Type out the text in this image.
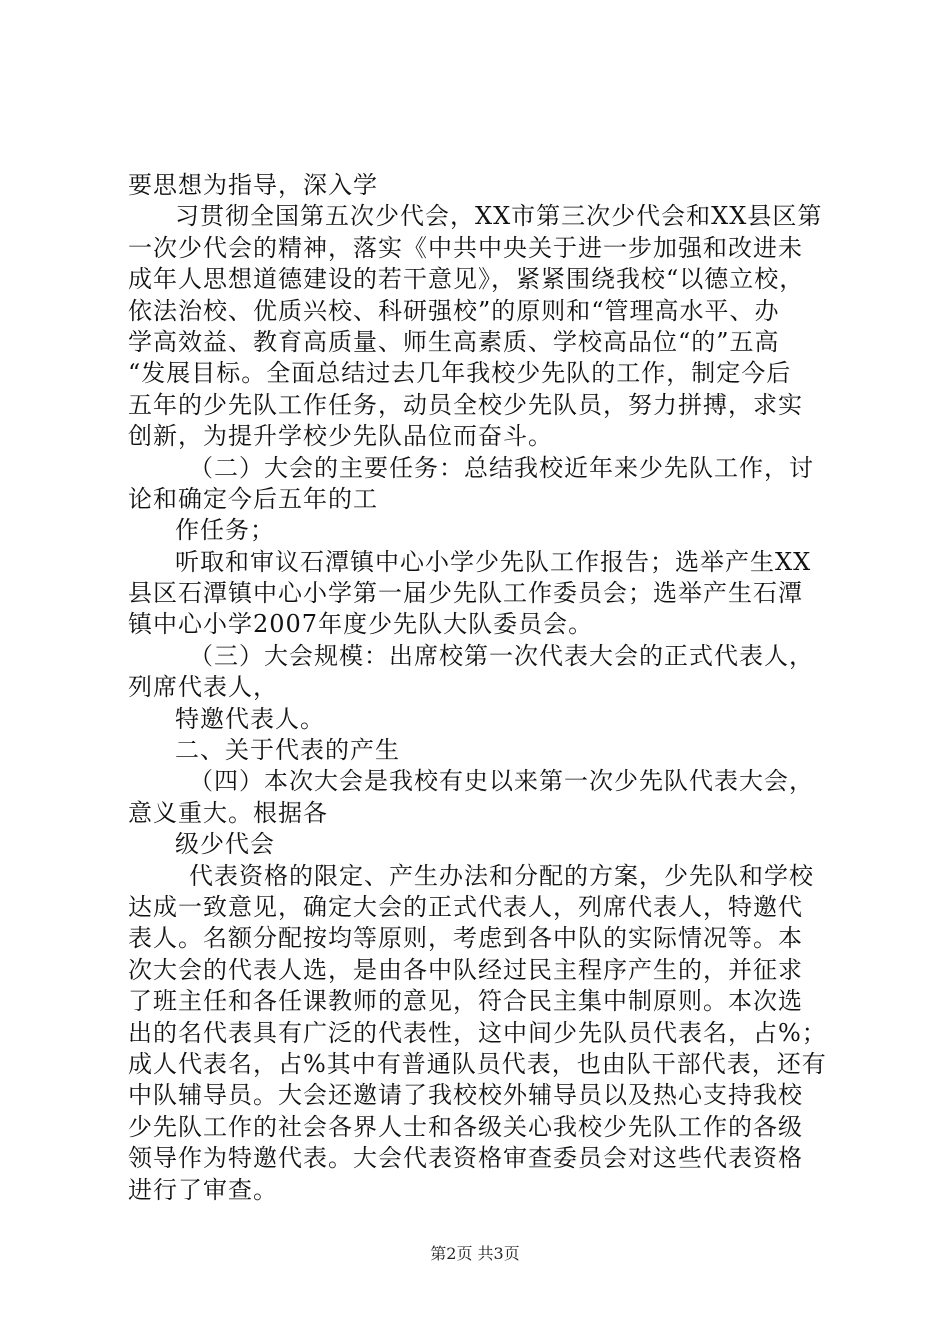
要思想为指导，深入学
习贯彻全国第五次少代会，XX市第三次少代会和XX县区第
一次少代会的精神，落实《中共中央关于进一步加强和改进未
成年人思想道德建设的若干意见》，紧紧围绕我校“以德立校，
依法治校、优质兴校、科研强校”的原则和“管理高水平、办
学高效益、教育高质量、师生高素质、学校高品位“的”五高
“发展目标。全面总结过去几年我校少先队的工作，制定今后
五年的少先队工作任务，动员全校少先队员，努力拼搏，求实
创新，为提升学校少先队品位而奋斗。
（二）大会的主要任务：总结我校近年来少先队工作，讨
论和确定今后五年的工
作任务；
听取和审议石潭镇中心小学少先队工作报告；选举产生XX
县区石潭镇中心小学第一届少先队工作委员会；选举产生石潭
镇中心小学2007年度少先队大队委员会。
（三）大会规模：出席校第一次代表大会的正式代表人，
列席代表人，
特邀代表人。
二、关于代表的产生
（四）本次大会是我校有史以来第一次少先队代表大会，
意义重大。根据各
级少代会
代表资格的限定、产生办法和分配的方案，少先队和学校
达成一致意见，确定大会的正式代表人，列席代表人，特邀代
表人。名额分配按均等原则，考虑到各中队的实际情况等。本
次大会的代表人选，是由各中队经过民主程序产生的，并征求
了班主任和各任课教师的意见，符合民主集中制原则。本次选
出的名代表具有广泛的代表性，这中间少先队员代表名，占%；
成人代表名，占%其中有普通队员代表，也由队干部代表，还有
中队辅导员。大会还邀请了我校校外辅导员以及热心支持我校
少先队工作的社会各界人士和各级关心我校少先队工作的各级
领导作为特邀代表。大会代表资格审查委员会对这些代表资格
进行了审查。
第2页 共3页
